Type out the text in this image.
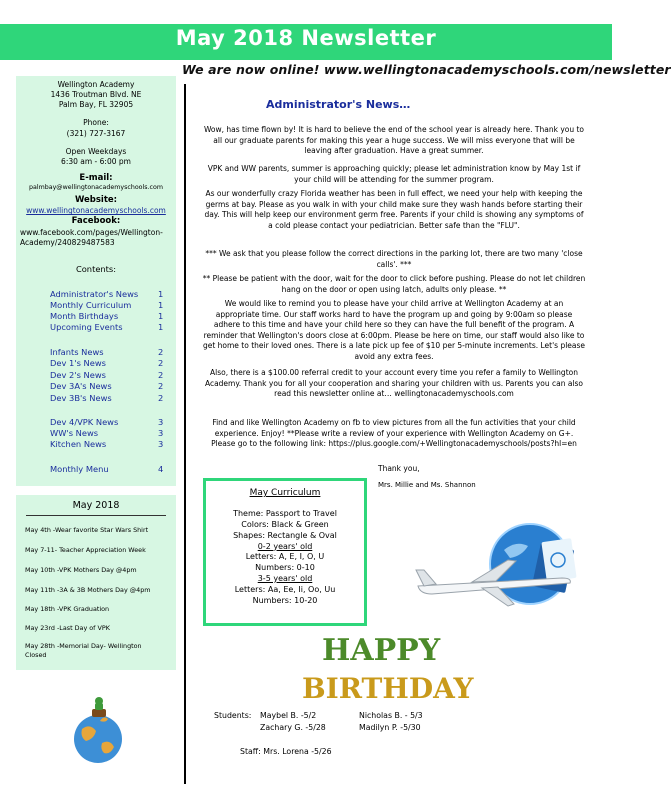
May 2018 Newsletter
We are now online! www.wellingtonacademyschools.com/newsletter
Wellington Academy
1436 Troutman Blvd. NE
Palm Bay, FL 32905
Phone:
(321) 727-3167
Open Weekdays
6:30 am - 6:00 pm
E-mail:
palmbay@wellingtonacademyschools.com
Website:
www.wellingtonacademyschools.com
Facebook:
www.facebook.com/pages/Wellington-
Academy/240829487583
Contents:
Administrator's News	1
Monthly Curriculum	1
Month Birthdays	1
Upcoming Events	1
Infants News	2
Dev 1's News	2
Dev 2's News	2
Dev 3A's News	2
Dev 3B's News	2
Dev 4/VPK News	3
WW's News	3
Kitchen News	3
Monthly Menu	4
May 2018
May 4th -Wear favorite Star Wars Shirt
May 7-11- Teacher Appreciation Week
May 10th -VPK Mothers Day @4pm
May 11th -3A & 3B Mothers Day @4pm
May 18th -VPK Graduation
May 23rd -Last Day of VPK
May 28th -Memorial Day- Wellington
Closed
Administrator's News…
Wow, has time flown by! It is hard to believe the end of the school year is already here. Thank you to all our graduate parents for making this year a huge success. We will miss everyone that will be leaving after graduation. Have a great summer.
VPK and WW parents, summer is approaching quickly; please let administration know by May 1st if your child will be attending for the summer program.
As our wonderfully crazy Florida weather has been in full effect, we need your help with keeping the germs at bay. Please as you walk in with your child make sure they wash hands before starting their day. This will help keep our environment germ free. Parents if your child is showing any symptoms of a cold please contact your pediatrician. Better safe than the "FLU".
*** We ask that you please follow the correct directions in the parking lot, there are two many 'close calls'. ***
** Please be patient with the door, wait for the door to click before pushing. Please do not let children hang on the door or open using latch, adults only please. **
We would like to remind you to please have your child arrive at Wellington Academy at an appropriate time. Our staff works hard to have the program up and going by 9:00am so please adhere to this time and have your child here so they can have the full benefit of the program. A reminder that Wellington's doors close at 6:00pm. Please be here on time, our staff would also like to get home to their loved ones. There is a late pick up fee of $10 per 5-minute increments. Let's please avoid any extra fees.
Also, there is a $100.00 referral credit to your account every time you refer a family to Wellington Academy. Thank you for all your cooperation and sharing your children with us. Parents you can also read this newsletter online at… wellingtonacademyschools.com
Find and like Wellington Academy on fb to view pictures from all the fun activities that your child experience. Enjoy! **Please write a review of your experience with Wellington Academy on G+. Please go to the following link: https://plus.google.com/+Wellingtonacademyschools/posts?hl=en
Thank you,
Mrs. Millie and Ms. Shannon
May Curriculum
Theme: Passport to Travel
Colors: Black & Green
Shapes: Rectangle & Oval
0-2 years' old
Letters: A, E, I, O, U
Numbers: 0-10
3-5 years' old
Letters: Aa, Ee, Ii, Oo, Uu
Numbers: 10-20
HAPPY
BIRTHDAY
Students: Maybel B. -5/2	Nicholas B. - 5/3
Zachary G. -5/28	Madilyn P. -5/30
Staff: Mrs. Lorena -5/26
